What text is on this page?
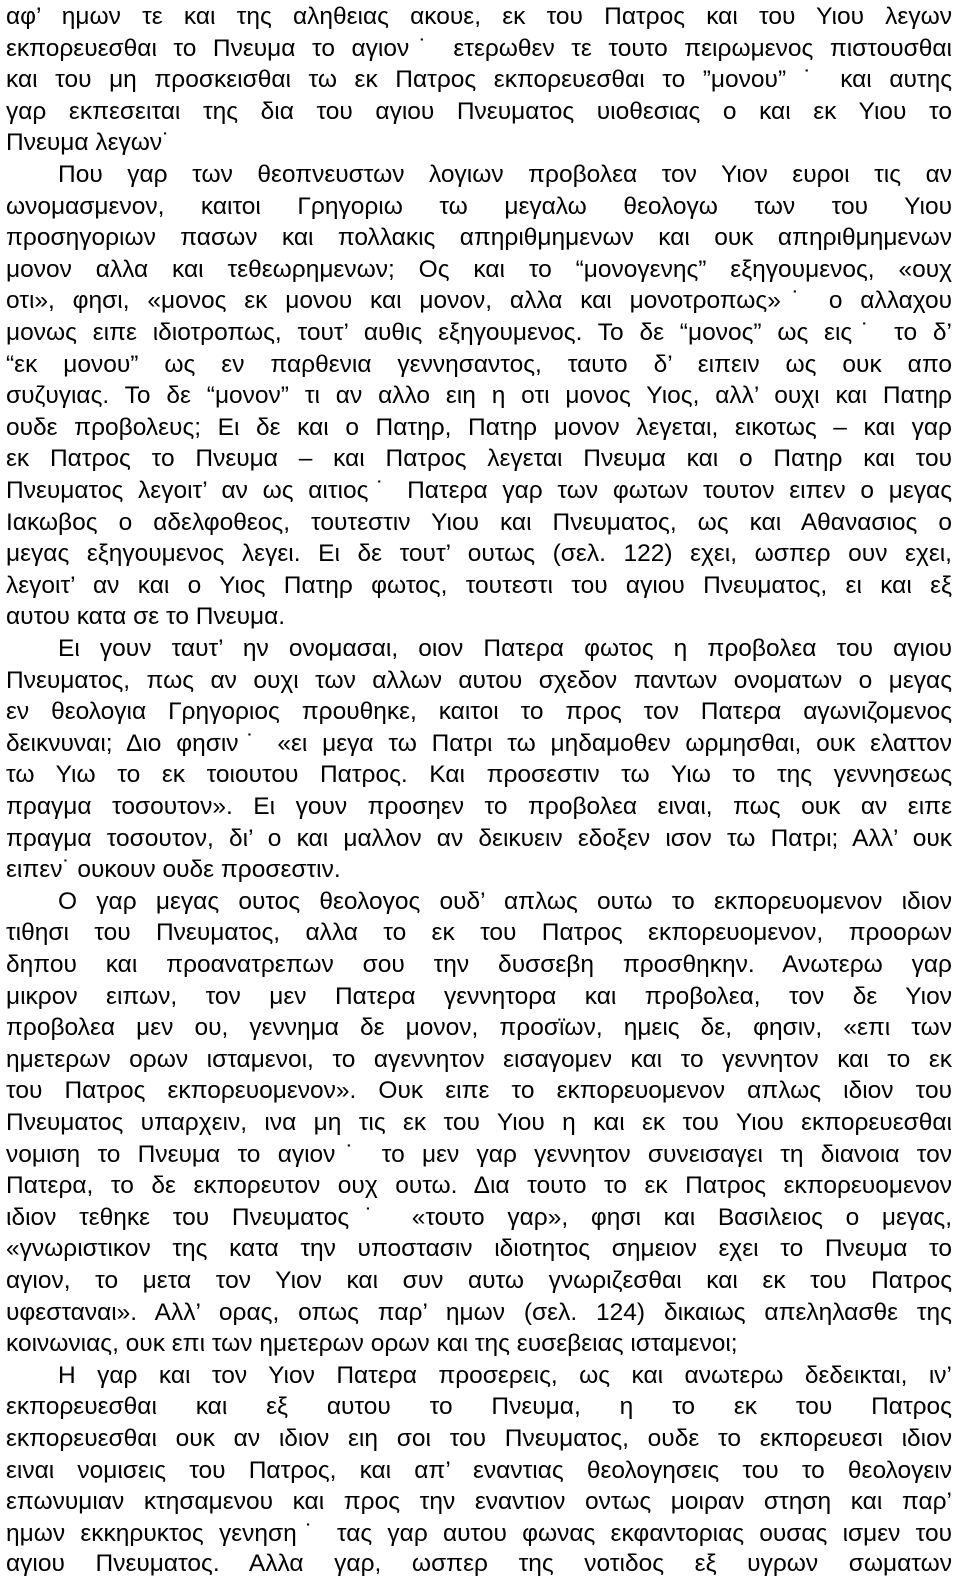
αφ’ ημων τε και της αληθειας ακουε, εκ του Πατρος και του Υιου λεγων
εκπορευεσθαι το Πνευμα το αγιον˙ ετερωθεν τε τουτο πειρωμενος πιστουσθαι
και του μη προσκεισθαι τω εκ Πατρος εκπορευεσθαι το ”μονου” ˙ και αυτης
γαρ εκπεσειται της δια του αγιου Πνευματος υιοθεσιας ο και εκ Υιου το
Πνευμα λεγων˙
Που γαρ των θεοπνευστων λογιων προβολεα τον Υιον ευροι τις αν
ωνομασμενον, καιτοι Γρηγοριω τω μεγαλω θεολογω των του Υιου
προσηγοριων πασων και πολλακις απηριθμημενων και ουκ απηριθμημενων
μονον αλλα και τεθεωρημενων; Ος και το “μονογενης” εξηγουμενος, «ουχ
οτι», φησι, «μονος εκ μονου και μονον, αλλα και μονοτροπως»˙ ο αλλαχου
μονως ειπε ιδιοτροπως, τουτ’ αυθις εξηγουμενος. Το δε “μονος” ως εις˙ το δ’
“εκ μονου” ως εν παρθενια γεννησαντος, ταυτο δ’ ειπειν ως ουκ απο
συζυγιας. Το δε “μονον” τι αν αλλο ειη η οτι μονος Υιος, αλλ’ ουχι και Πατηρ
ουδε προβολευς; Ει δε και ο Πατηρ, Πατηρ μονον λεγεται, εικοτως – και γαρ
εκ Πατρος το Πνευμα – και Πατρος λεγεται Πνευμα και ο Πατηρ και του
Πνευματος λεγοιτ’ αν ως αιτιος˙ Πατερα γαρ των φωτων τουτον ειπεν ο μεγας
Ιακωβος ο αδελφοθεος, τουτεστιν Υιου και Πνευματος, ως και Αθανασιος ο
μεγας εξηγουμενος λεγει. Ει δε τουτ’ ουτως (σελ. 122) εχει, ωσπερ ουν εχει,
λεγοιτ’ αν και ο Υιος Πατηρ φωτος, τουτεστι του αγιου Πνευματος, ει και εξ
αυτου κατα σε το Πνευμα.
Ει γουν ταυτ’ ην ονομασαι, οιον Πατερα φωτος η προβολεα του αγιου
Πνευματος, πως αν ουχι των αλλων αυτου σχεδον παντων ονοματων ο μεγας
εν θεολογια Γρηγοριος προυθηκε, καιτοι το προς τον Πατερα αγωνιζομενος
δεικνυναι; Διο φησιν˙ «ει μεγα τω Πατρι τω μηδαμοθεν ωρμησθαι, ουκ ελαττον
τω Υιω το εκ τοιουτου Πατρος. Και προσεστιν τω Υιω το της γεννησεως
πραγμα τοσουτον». Ει γουν προσηεν το προβολεα ειναι, πως ουκ αν ειπε
πραγμα τοσουτον, δι’ ο και μαλλον αν δεικυειν εδοξεν ισον τω Πατρι; Αλλ’ ουκ
ειπεν˙ ουκουν ουδε προσεστιν.
Ο γαρ μεγας ουτος θεολογος ουδ’ απλως ουτω το εκπορευομενον ιδιον
τιθησι του Πνευματος, αλλα το εκ του Πατρος εκπορευομενον, προορων
δηπου και προανατρεπων σου την δυσσεβη προσθηκην. Ανωτερω γαρ
μικρον ειπων, τον μεν Πατερα γεννητορα και προβολεα, τον δε Υιον
προβολεα μεν ου, γεννημα δε μονον, προσϊων, ημεις δε, φησιν, «επι των
ημετερων ορων ισταμενοι, το αγεννητον εισαγομεν και το γεννητον και το εκ
του Πατρος εκπορευομενον». Ουκ ειπε το εκπορευομενον απλως ιδιον του
Πνευματος υπαρχειν, ινα μη τις εκ του Υιου η και εκ του Υιου εκπορευεσθαι
νομιση το Πνευμα το αγιον˙ το μεν γαρ γεννητον συνεισαγει τη διανοια τον
Πατερα, το δε εκπορευτον ουχ ουτω. Δια τουτο το εκ Πατρος εκπορευομενον
ιδιον τεθηκε του Πνευματος˙ «τουτο γαρ», φησι και Βασιλειος ο μεγας,
«γνωριστικον της κατα την υποστασιν ιδιοτητος σημειον εχει το Πνευμα το
αγιον, το μετα τον Υιον και συν αυτω γνωριζεσθαι και εκ του Πατρος
υφεσταναι». Αλλ’ ορας, οπως παρ’ ημων (σελ. 124) δικαιως απεληλασθε της
κοινωνιας, ουκ επι των ημετερων ορων και της ευσεβειας ισταμενοι;
Η γαρ και τον Υιον Πατερα προσερεις, ως και ανωτερω δεδεικται, ιν’
εκπορευεσθαι και εξ αυτου το Πνευμα, η το εκ του Πατρος
εκπορευεσθαι ουκ αν ιδιον ειη σοι του Πνευματος, ουδε το εκπορευεσι ιδιον
ειναι νομισεις του Πατρος, και απ’ εναντιας θεολογησεις του το θεολογειν
επωνυμιαν κτησαμενου και προς την εναντιον οντως μοιραν στηση και παρ’
ημων εκκηρυκτος γενηση˙ τας γαρ αυτου φωνας εκφαντοριας ουσας ισμεν του
αγιου Πνευματος. Αλλα γαρ, ωσπερ της νοτιδος εξ υγρων σωματων
